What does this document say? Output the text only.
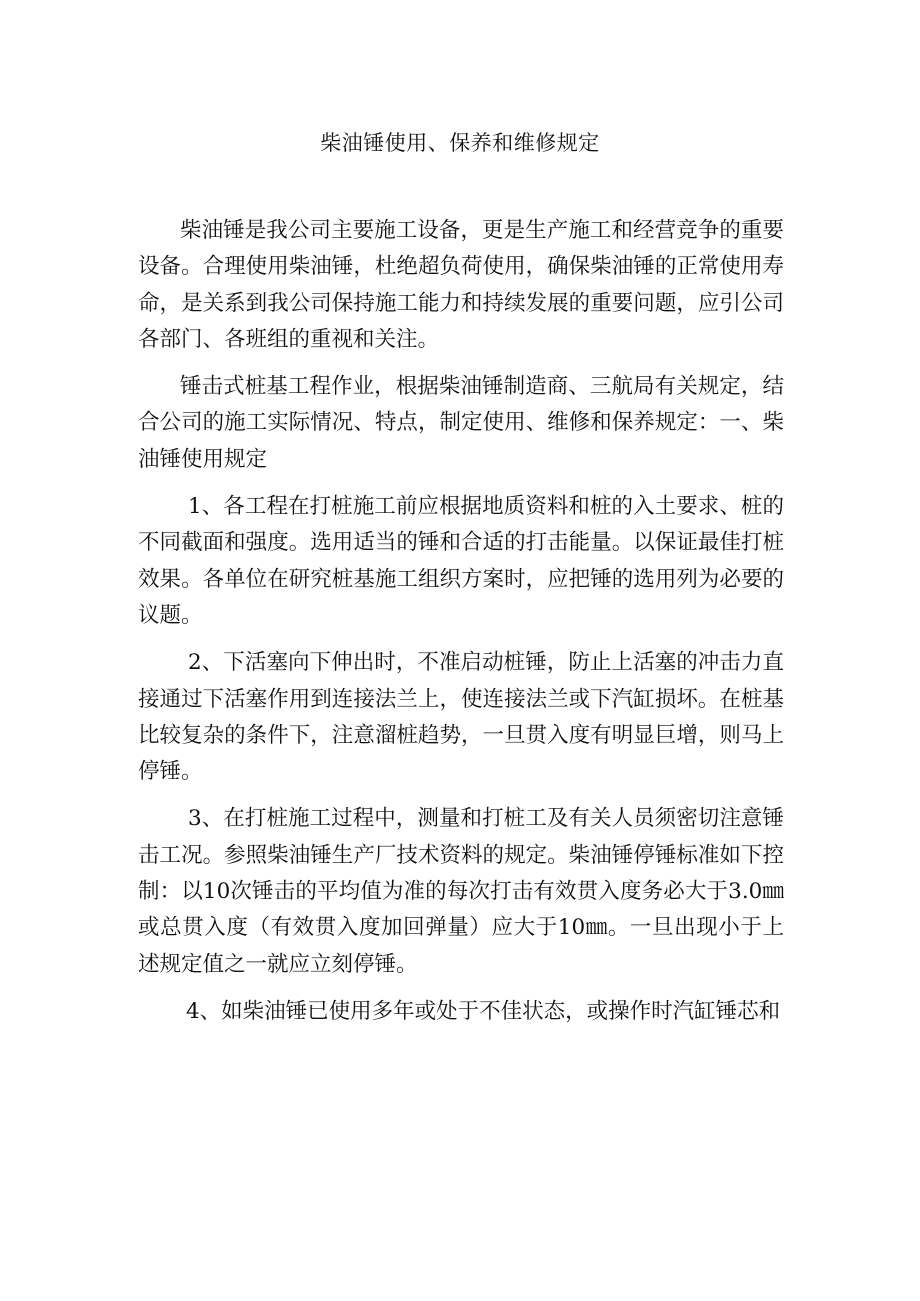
柴油锤使用、保养和维修规定

柴油锤是我公司主要施工设备，更是生产施工和经营竞争的重要设备。合理使用柴油锤，杜绝超负荷使用，确保柴油锤的正常使用寿命，是关系到我公司保持施工能力和持续发展的重要问题，应引公司各部门、各班组的重视和关注。

锤击式桩基工程作业，根据柴油锤制造商、三航局有关规定，结合公司的施工实际情况、特点，制定使用、维修和保养规定：一、柴油锤使用规定

1、各工程在打桩施工前应根据地质资料和桩的入土要求、桩的不同截面和强度。选用适当的锤和合适的打击能量。以保证最佳打桩效果。各单位在研究桩基施工组织方案时，应把锤的选用列为必要的议题。

2、下活塞向下伸出时，不准启动桩锤，防止上活塞的冲击力直接通过下活塞作用到连接法兰上，使连接法兰或下汽缸损坏。在桩基比较复杂的条件下，注意溜桩趋势，一旦贯入度有明显巨增，则马上停锤。

3、在打桩施工过程中，测量和打桩工及有关人员须密切注意锤击工况。参照柴油锤生产厂技术资料的规定。柴油锤停锤标准如下控制：以10次锤击的平均值为准的每次打击有效贯入度务必大于3.0㎜或总贯入度（有效贯入度加回弹量）应大于10㎜。一旦出现小于上述规定值之一就应立刻停锤。

4、如柴油锤已使用多年或处于不佳状态，或操作时汽缸锤芯和
